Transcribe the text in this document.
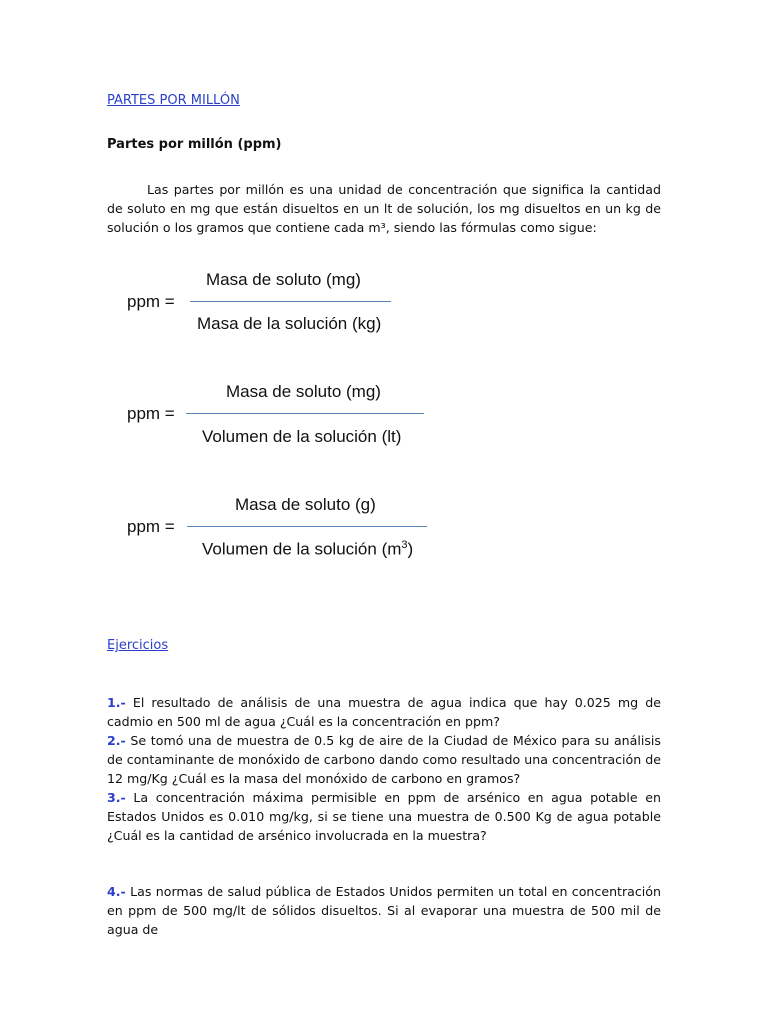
PARTES POR MILLÓN
Partes por millón (ppm)

Las partes por millón es una unidad de concentración que significa la cantidad de soluto en mg que están disueltos en un lt de solución, los mg disueltos en un kg de solución o los gramos que contiene cada m³, siendo las fórmulas como sigue:

ppm =
Masa de soluto (mg)
Masa de la solución (kg)
ppm =
Masa de soluto (mg)
Volumen de la solución (lt)
ppm =
Masa de soluto (g)
Volumen de la solución $(m^3)$
Ejercicios

1.- El resultado de análisis de una muestra de agua indica que hay 0.025 mg de cadmio en 500 ml de agua ¿Cuál es la concentración en ppm?

2.- Se tomó una de muestra de 0.5 kg de aire de la Ciudad de México para su análisis de contaminante de monóxido de carbono dando como resultado una concentración de 12 mg/Kg ¿Cuál es la masa del monóxido de carbono en gramos?

3.- La concentración máxima permisible en ppm de arsénico en agua potable en Estados Unidos es 0.010 mg/kg, si se tiene una muestra de 0.500 Kg de agua potable ¿Cuál es la cantidad de arsénico involucrada en la muestra?

4.- Las normas de salud pública de Estados Unidos permiten un total en concentración en ppm de 500 mg/lt de sólidos disueltos. Si al evaporar una muestra de 500 mil de agua de
